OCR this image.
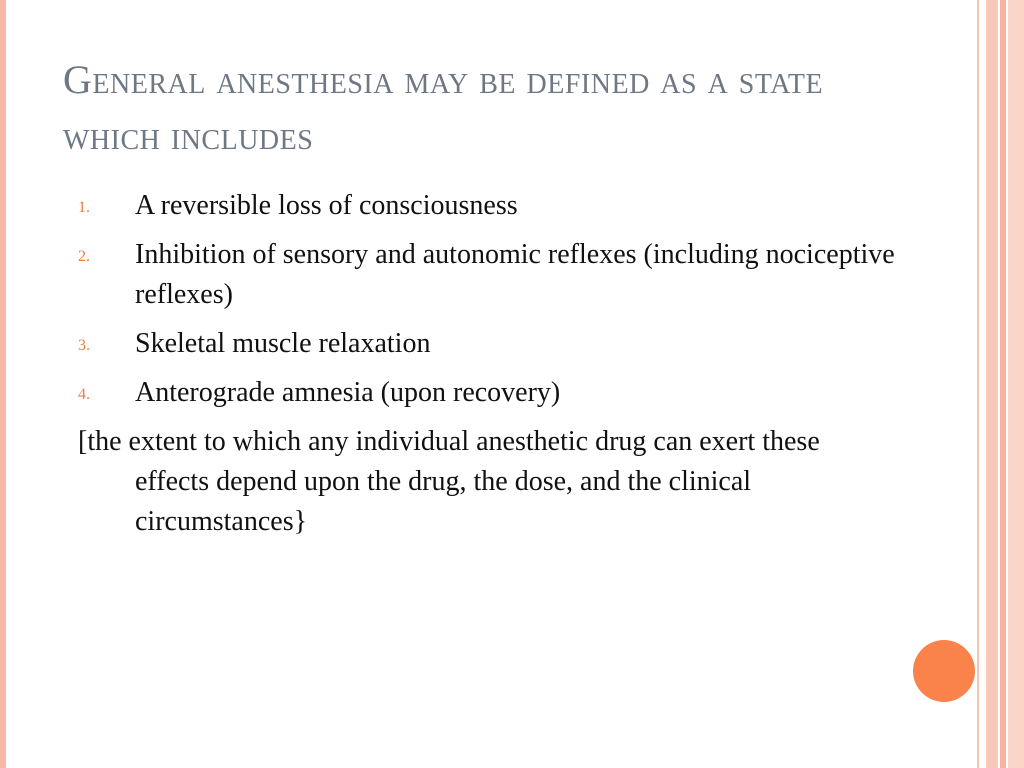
General anesthesia may be defined as a state which includes
1. A reversible loss of consciousness
2. Inhibition of sensory and autonomic reflexes (including nociceptive reflexes)
3. Skeletal muscle relaxation
4. Anterograde amnesia (upon recovery)

[the extent to which any individual anesthetic drug can exert these effects depend upon the drug, the dose, and the clinical circumstances}
